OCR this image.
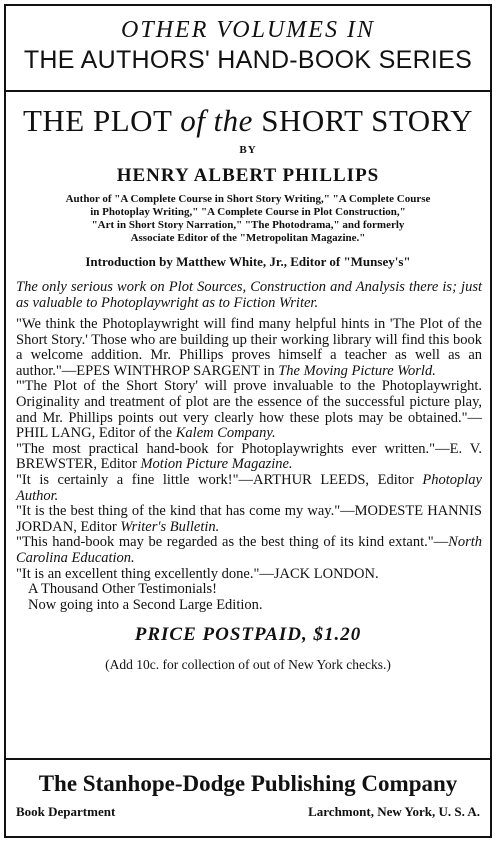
OTHER VOLUMES IN
THE AUTHORS' HAND-BOOK SERIES
THE PLOT of the SHORT STORY
BY
HENRY ALBERT PHILLIPS
Author of "A Complete Course in Short Story Writing," "A Complete Course
in Photoplay Writing," "A Complete Course in Plot Construction,"
"Art in Short Story Narration," "The Photodrama," and formerly
Associate Editor of the "Metropolitan Magazine."
Introduction by Matthew White, Jr., Editor of "Munsey's"
The only serious work on Plot Sources, Construction and Analysis there is; just as valuable to Photoplaywright as to Fiction Writer.

"We think the Photoplaywright will find many helpful hints in 'The Plot of the Short Story.' Those who are building up their working library will find this book a welcome addition. Mr. Phillips proves himself a teacher as well as an author."—EPES WINTHROP SARGENT in The Moving Picture World.

"'The Plot of the Short Story' will prove invaluable to the Photoplaywright. Originality and treatment of plot are the essence of the successful picture play, and Mr. Phillips points out very clearly how these plots may be obtained."—PHIL LANG, Editor of the Kalem Company.

"The most practical hand-book for Photoplaywrights ever written."—E. V. BREWSTER, Editor Motion Picture Magazine.

"It is certainly a fine little work!"—ARTHUR LEEDS, Editor Photoplay Author.

"It is the best thing of the kind that has come my way."—MODESTE HANNIS JORDAN, Editor Writer's Bulletin.

"This hand-book may be regarded as the best thing of its kind extant."—North Carolina Education.

"It is an excellent thing excellently done."—JACK LONDON.

A Thousand Other Testimonials!

Now going into a Second Large Edition.

PRICE POSTPAID, $1.20
(Add 10c. for collection of out of New York checks.)
The Stanhope-Dodge Publishing Company
Book Department	Larchmont, New York, U. S. A.
